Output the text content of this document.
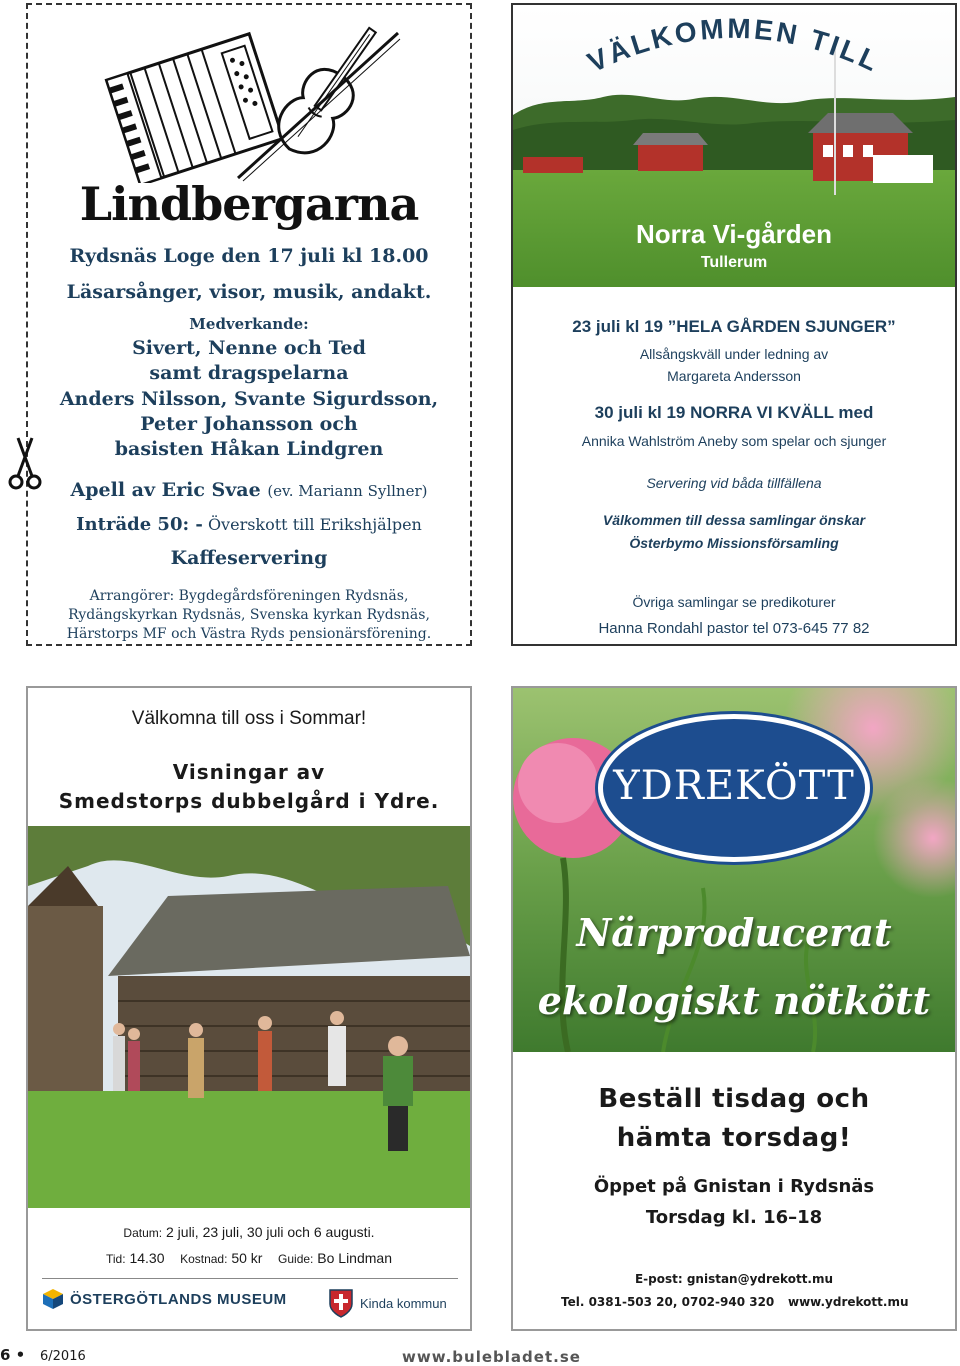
Lindbergarna
Rydsnäs Loge den 17 juli kl 18.00
Läsarsånger, visor, musik, andakt.
Medverkande:
Sivert, Nenne och Ted
samt dragspelarna
Anders Nilsson, Svante Sigurdsson,
Peter Johansson och
basisten Håkan Lindgren
Apell av Eric Svae (ev. Mariann Syllner)
Inträde 50: - Överskott till Erikshjälpen
Kaffeservering
Arrangörer: Bygdegårdsföreningen Rydsnäs,
Rydängskyrkan Rydsnäs, Svenska kyrkan Rydsnäs,
Härstorps MF och Västra Ryds pensionärsförening.
VÄLKOMMEN TILL
Norra Vi-gården
Tullerum
23 juli kl 19 ”HELA GÅRDEN SJUNGER”
Allsångskväll under ledning av
Margareta Andersson
30 juli kl 19 NORRA VI KVÄLL med
Annika Wahlström Aneby som spelar och sjunger
Servering vid båda tillfällena
Välkommen till dessa samlingar önskar
Österbymo Missionsförsamling
Övriga samlingar se predikoturer
Hanna Rondahl pastor tel 073-645 77 82
Välkomna till oss i Sommar!
Visningar av
Smedstorps dubbelgård i Ydre.
Datum: 2 juli, 23 juli, 30 juli och 6 augusti.
Tid: 14.30 Kostnad: 50 kr Guide: Bo Lindman
ÖSTERGÖTLANDS MUSEUM	Kinda kommun
YDREKÖTT
Närproducerat
ekologiskt nötkött
Beställ tisdag och
hämta torsdag!
Öppet på Gnistan i Rydsnäs
Torsdag kl. 16–18
E-post: gnistan@ydrekott.mu
Tel. 0381-503 20, 0702-940 320 www.ydrekott.mu
6 • 6/2016	www.bulebladet.se
